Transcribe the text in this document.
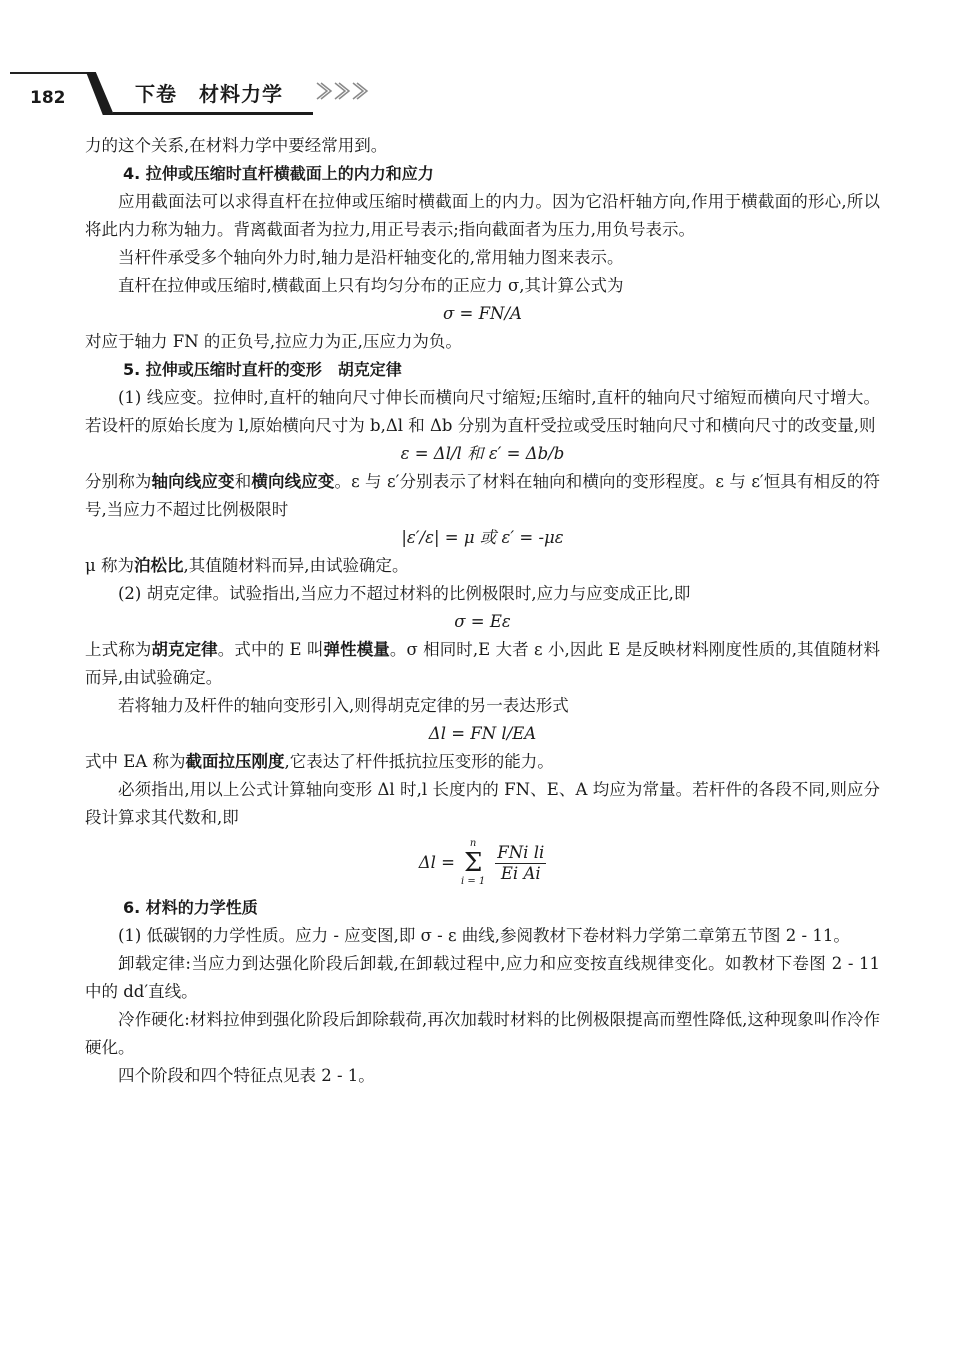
182	下卷 材料力学

力的这个关系,在材料力学中要经常用到。

4. 拉伸或压缩时直杆横截面上的内力和应力

应用截面法可以求得直杆在拉伸或压缩时横截面上的内力。因为它沿杆轴方向,作用于横截面的形心,所以将此内力称为轴力。背离截面者为拉力,用正号表示;指向截面者为压力,用负号表示。

当杆件承受多个轴向外力时,轴力是沿杆轴变化的,常用轴力图来表示。

直杆在拉伸或压缩时,横截面上只有均匀分布的正应力 σ,其计算公式为

σ = FN/A

对应于轴力 FN 的正负号,拉应力为正,压应力为负。

5. 拉伸或压缩时直杆的变形　胡克定律

(1) 线应变。拉伸时,直杆的轴向尺寸伸长而横向尺寸缩短;压缩时,直杆的轴向尺寸缩短而横向尺寸增大。若设杆的原始长度为 l,原始横向尺寸为 b,Δl 和 Δb 分别为直杆受拉或受压时轴向尺寸和横向尺寸的改变量,则

ε = Δl/l 和 ε′ = Δb/b

分别称为轴向线应变和横向线应变。ε 与 ε′分别表示了材料在轴向和横向的变形程度。ε 与 ε′恒具有相反的符号,当应力不超过比例极限时

|ε′/ε| = μ 或 ε′ = -με

μ 称为泊松比,其值随材料而异,由试验确定。

(2) 胡克定律。试验指出,当应力不超过材料的比例极限时,应力与应变成正比,即

σ = Eε

上式称为胡克定律。式中的 E 叫弹性模量。σ 相同时,E 大者 ε 小,因此 E 是反映材料刚度性质的,其值随材料而异,由试验确定。

若将轴力及杆件的轴向变形引入,则得胡克定律的另一表达形式

Δl = FN l/EA

式中 EA 称为截面拉压刚度,它表达了杆件抵抗拉压变形的能力。

必须指出,用以上公式计算轴向变形 Δl 时,l 长度内的 FN、E、A 均应为常量。若杆件的各段不同,则应分段计算求其代数和,即

Δl =
n
Σ
$i = 1 \frac{\text{FNi li}}{\text{Ei Ai}}$

6. 材料的力学性质

(1) 低碳钢的力学性质。应力 - 应变图,即 σ - ε 曲线,参阅教材下卷材料力学第二章第五节图 2 - 11。

卸载定律:当应力到达强化阶段后卸载,在卸载过程中,应力和应变按直线规律变化。如教材下卷图 2 - 11 中的 dd′直线。

冷作硬化:材料拉伸到强化阶段后卸除载荷,再次加载时材料的比例极限提高而塑性降低,这种现象叫作冷作硬化。

四个阶段和四个特征点见表 2 - 1。
